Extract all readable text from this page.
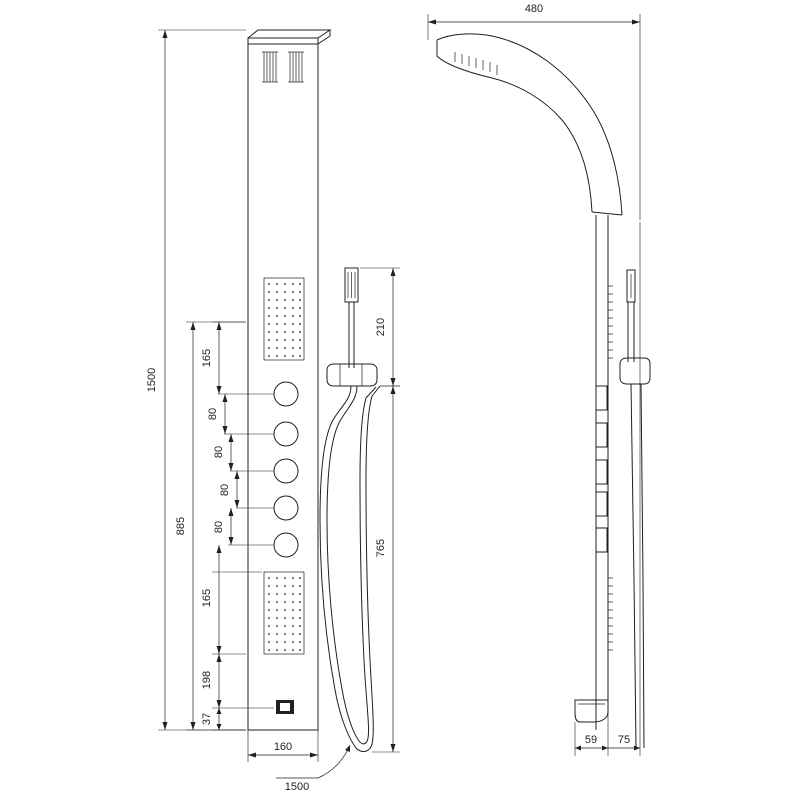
480
1500
885
165
80
80
80
80
165
198
37
160
1500
210
765
59 75
